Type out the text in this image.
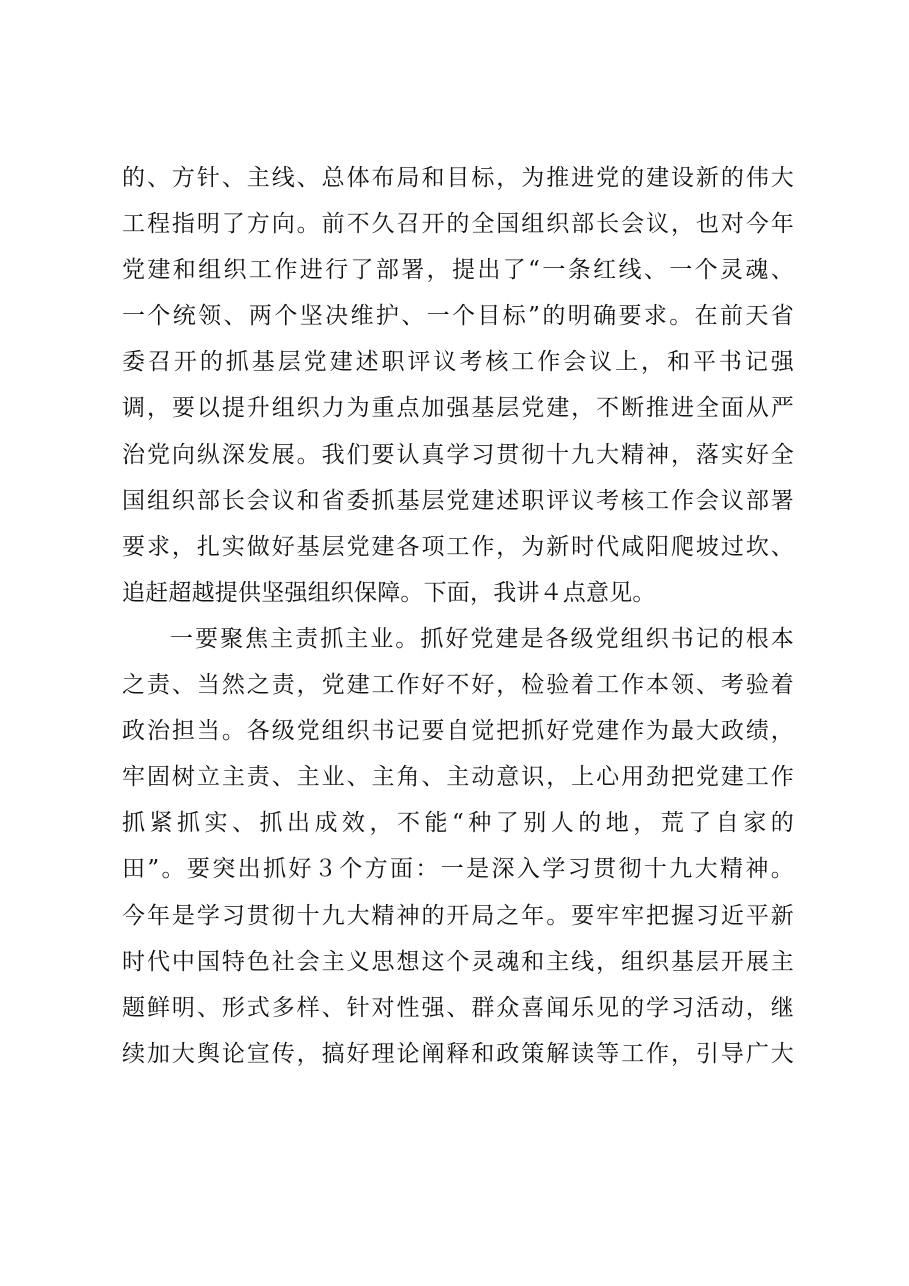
的、方针、主线、总体布局和目标，为推进党的建设新的伟大
工程指明了方向。前不久召开的全国组织部长会议，也对今年
党建和组织工作进行了部署，提出了“一条红线、一个灵魂、
一个统领、两个坚决维护、一个目标”的明确要求。在前天省
委召开的抓基层党建述职评议考核工作会议上，和平书记强
调，要以提升组织力为重点加强基层党建，不断推进全面从严
治党向纵深发展。我们要认真学习贯彻十九大精神，落实好全
国组织部长会议和省委抓基层党建述职评议考核工作会议部署
要求，扎实做好基层党建各项工作，为新时代咸阳爬坡过坎、
追赶超越提供坚强组织保障。下面，我讲４点意见。
一要聚焦主责抓主业。抓好党建是各级党组织书记的根本
之责、当然之责，党建工作好不好，检验着工作本领、考验着
政治担当。各级党组织书记要自觉把抓好党建作为最大政绩，
牢固树立主责、主业、主角、主动意识，上心用劲把党建工作
抓紧抓实、抓出成效，不能“种了别人的地，荒了自家的
田”。要突出抓好３个方面：一是深入学习贯彻十九大精神。
今年是学习贯彻十九大精神的开局之年。要牢牢把握习近平新
时代中国特色社会主义思想这个灵魂和主线，组织基层开展主
题鲜明、形式多样、针对性强、群众喜闻乐见的学习活动，继
续加大舆论宣传，搞好理论阐释和政策解读等工作，引导广大
